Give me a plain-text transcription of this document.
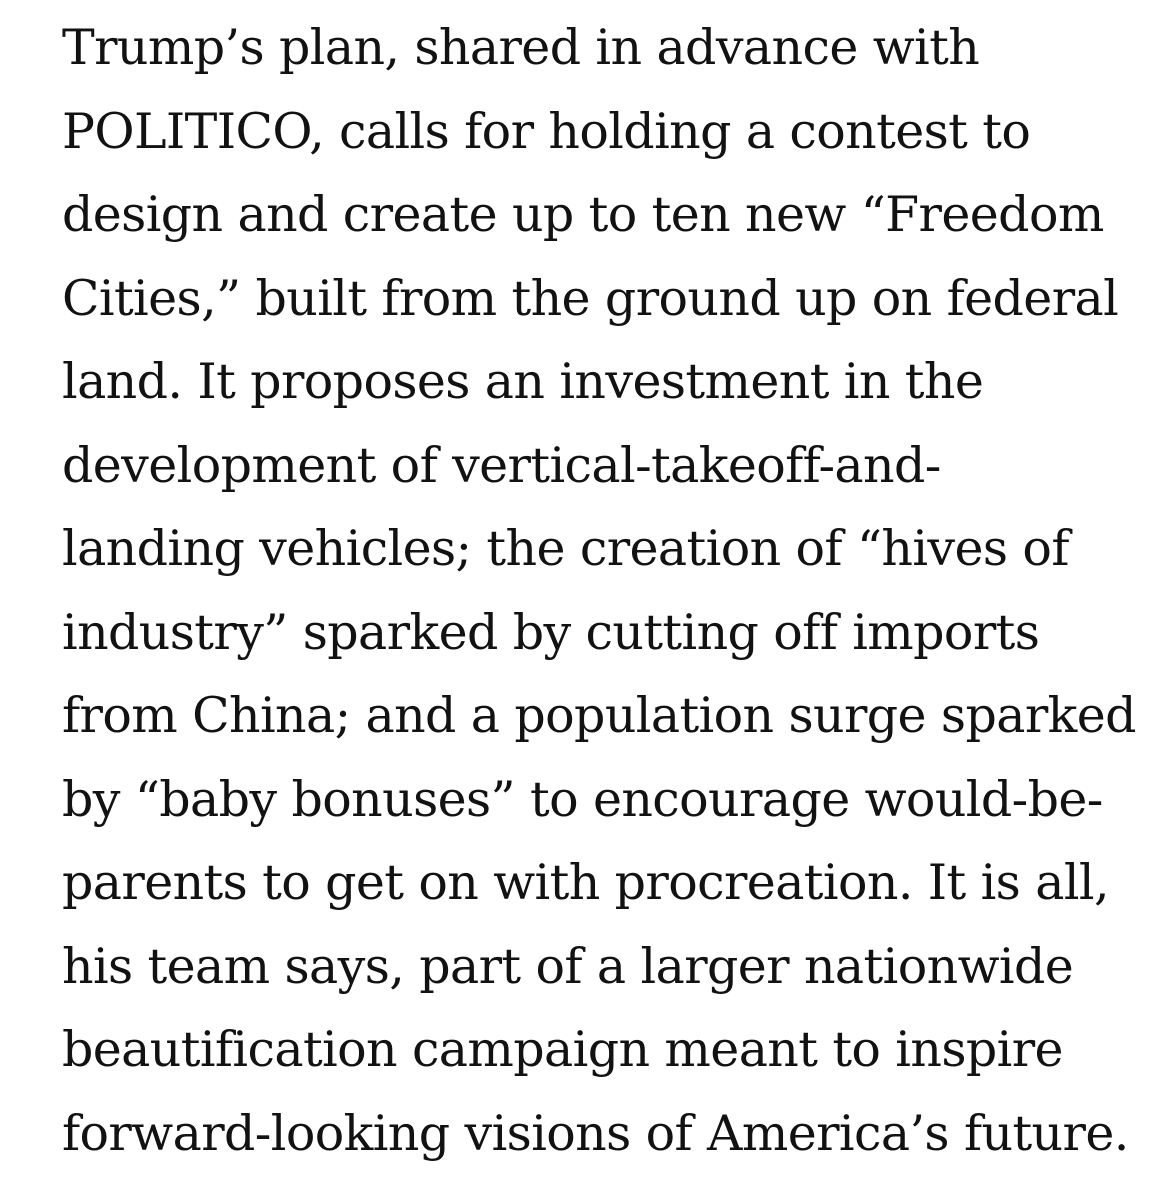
Trump’s plan, shared in advance with
POLITICO, calls for holding a contest to
design and create up to ten new “Freedom
Cities,” built from the ground up on federal
land. It proposes an investment in the
development of vertical-takeoff-and-
landing vehicles; the creation of “hives of
industry” sparked by cutting off imports
from China; and a population surge sparked
by “baby bonuses” to encourage would-be-
parents to get on with procreation. It is all,
his team says, part of a larger nationwide
beautification campaign meant to inspire
forward-looking visions of America’s future.
